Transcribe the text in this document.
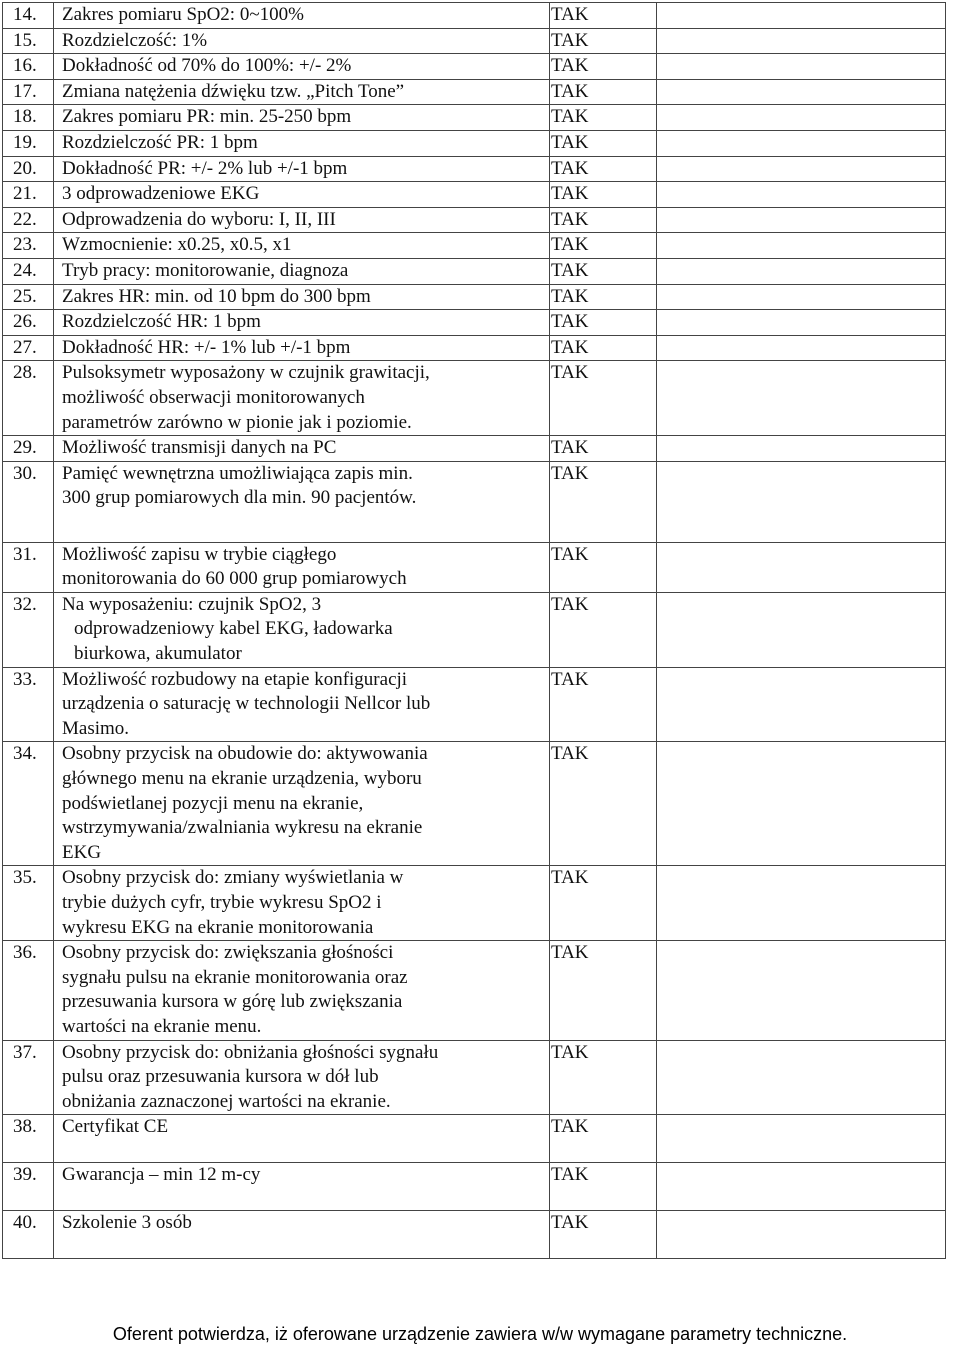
14.	Zakres pomiaru SpO2: 0~100%	TAK	

15.	Rozdzielczość: 1%	TAK	

16.	Dokładność od 70% do 100%: +/- 2%	TAK	

17.	Zmiana natężenia dźwięku tzw. „Pitch Tone”	TAK	

18.	Zakres pomiaru PR: min. 25-250 bpm	TAK	

19.	Rozdzielczość PR: 1 bpm	TAK	

20.	Dokładność PR: +/- 2% lub +/-1 bpm	TAK	

21.	3 odprowadzeniowe EKG	TAK	

22.	Odprowadzenia do wyboru: I, II, III	TAK	

23.	Wzmocnienie: x0.25, x0.5, x1	TAK	

24.	Tryb pracy: monitorowanie, diagnoza	TAK	

25.	Zakres HR: min. od 10 bpm do 300 bpm	TAK	

26.	Rozdzielczość HR: 1 bpm	TAK	

27.	Dokładność HR: +/- 1% lub +/-1 bpm	TAK	

28.	Pulsoksymetr wyposażony w czujnik grawitacji,
możliwość obserwacji monitorowanych
parametrów zarówno w pionie jak i poziomie.	TAK	

29.	Możliwość transmisji danych na PC	TAK	

30.	Pamięć wewnętrzna umożliwiająca zapis min.
300 grup pomiarowych dla min. 90 pacjentów.	TAK	

31.	Możliwość zapisu w trybie ciągłego
monitorowania do 60 000 grup pomiarowych	TAK	

32.	Na wyposażeniu: czujnik SpO2, 3
odprowadzeniowy kabel EKG, ładowarka
biurkowa, akumulator	TAK	

33.	Możliwość rozbudowy na etapie konfiguracji
urządzenia o saturację w technologii Nellcor lub
Masimo.	TAK	

34.	Osobny przycisk na obudowie do: aktywowania
głównego menu na ekranie urządzenia, wyboru
podświetlanej pozycji menu na ekranie,
wstrzymywania/zwalniania wykresu na ekranie
EKG	TAK	

35.	Osobny przycisk do: zmiany wyświetlania w
trybie dużych cyfr, trybie wykresu SpO2 i
wykresu EKG na ekranie monitorowania	TAK	

36.	Osobny przycisk do: zwiększania głośności
sygnału pulsu na ekranie monitorowania oraz
przesuwania kursora w górę lub zwiększania
wartości na ekranie menu.	TAK	

37.	Osobny przycisk do: obniżania głośności sygnału
pulsu oraz przesuwania kursora w dół lub
obniżania zaznaczonej wartości na ekranie.	TAK	

38.	Certyfikat CE	TAK	

39.	Gwarancja – min 12 m-cy	TAK	

40.	Szkolenie 3 osób	TAK	

Oferent potwierdza, iż oferowane urządzenie zawiera w/w wymagane parametry techniczne.
